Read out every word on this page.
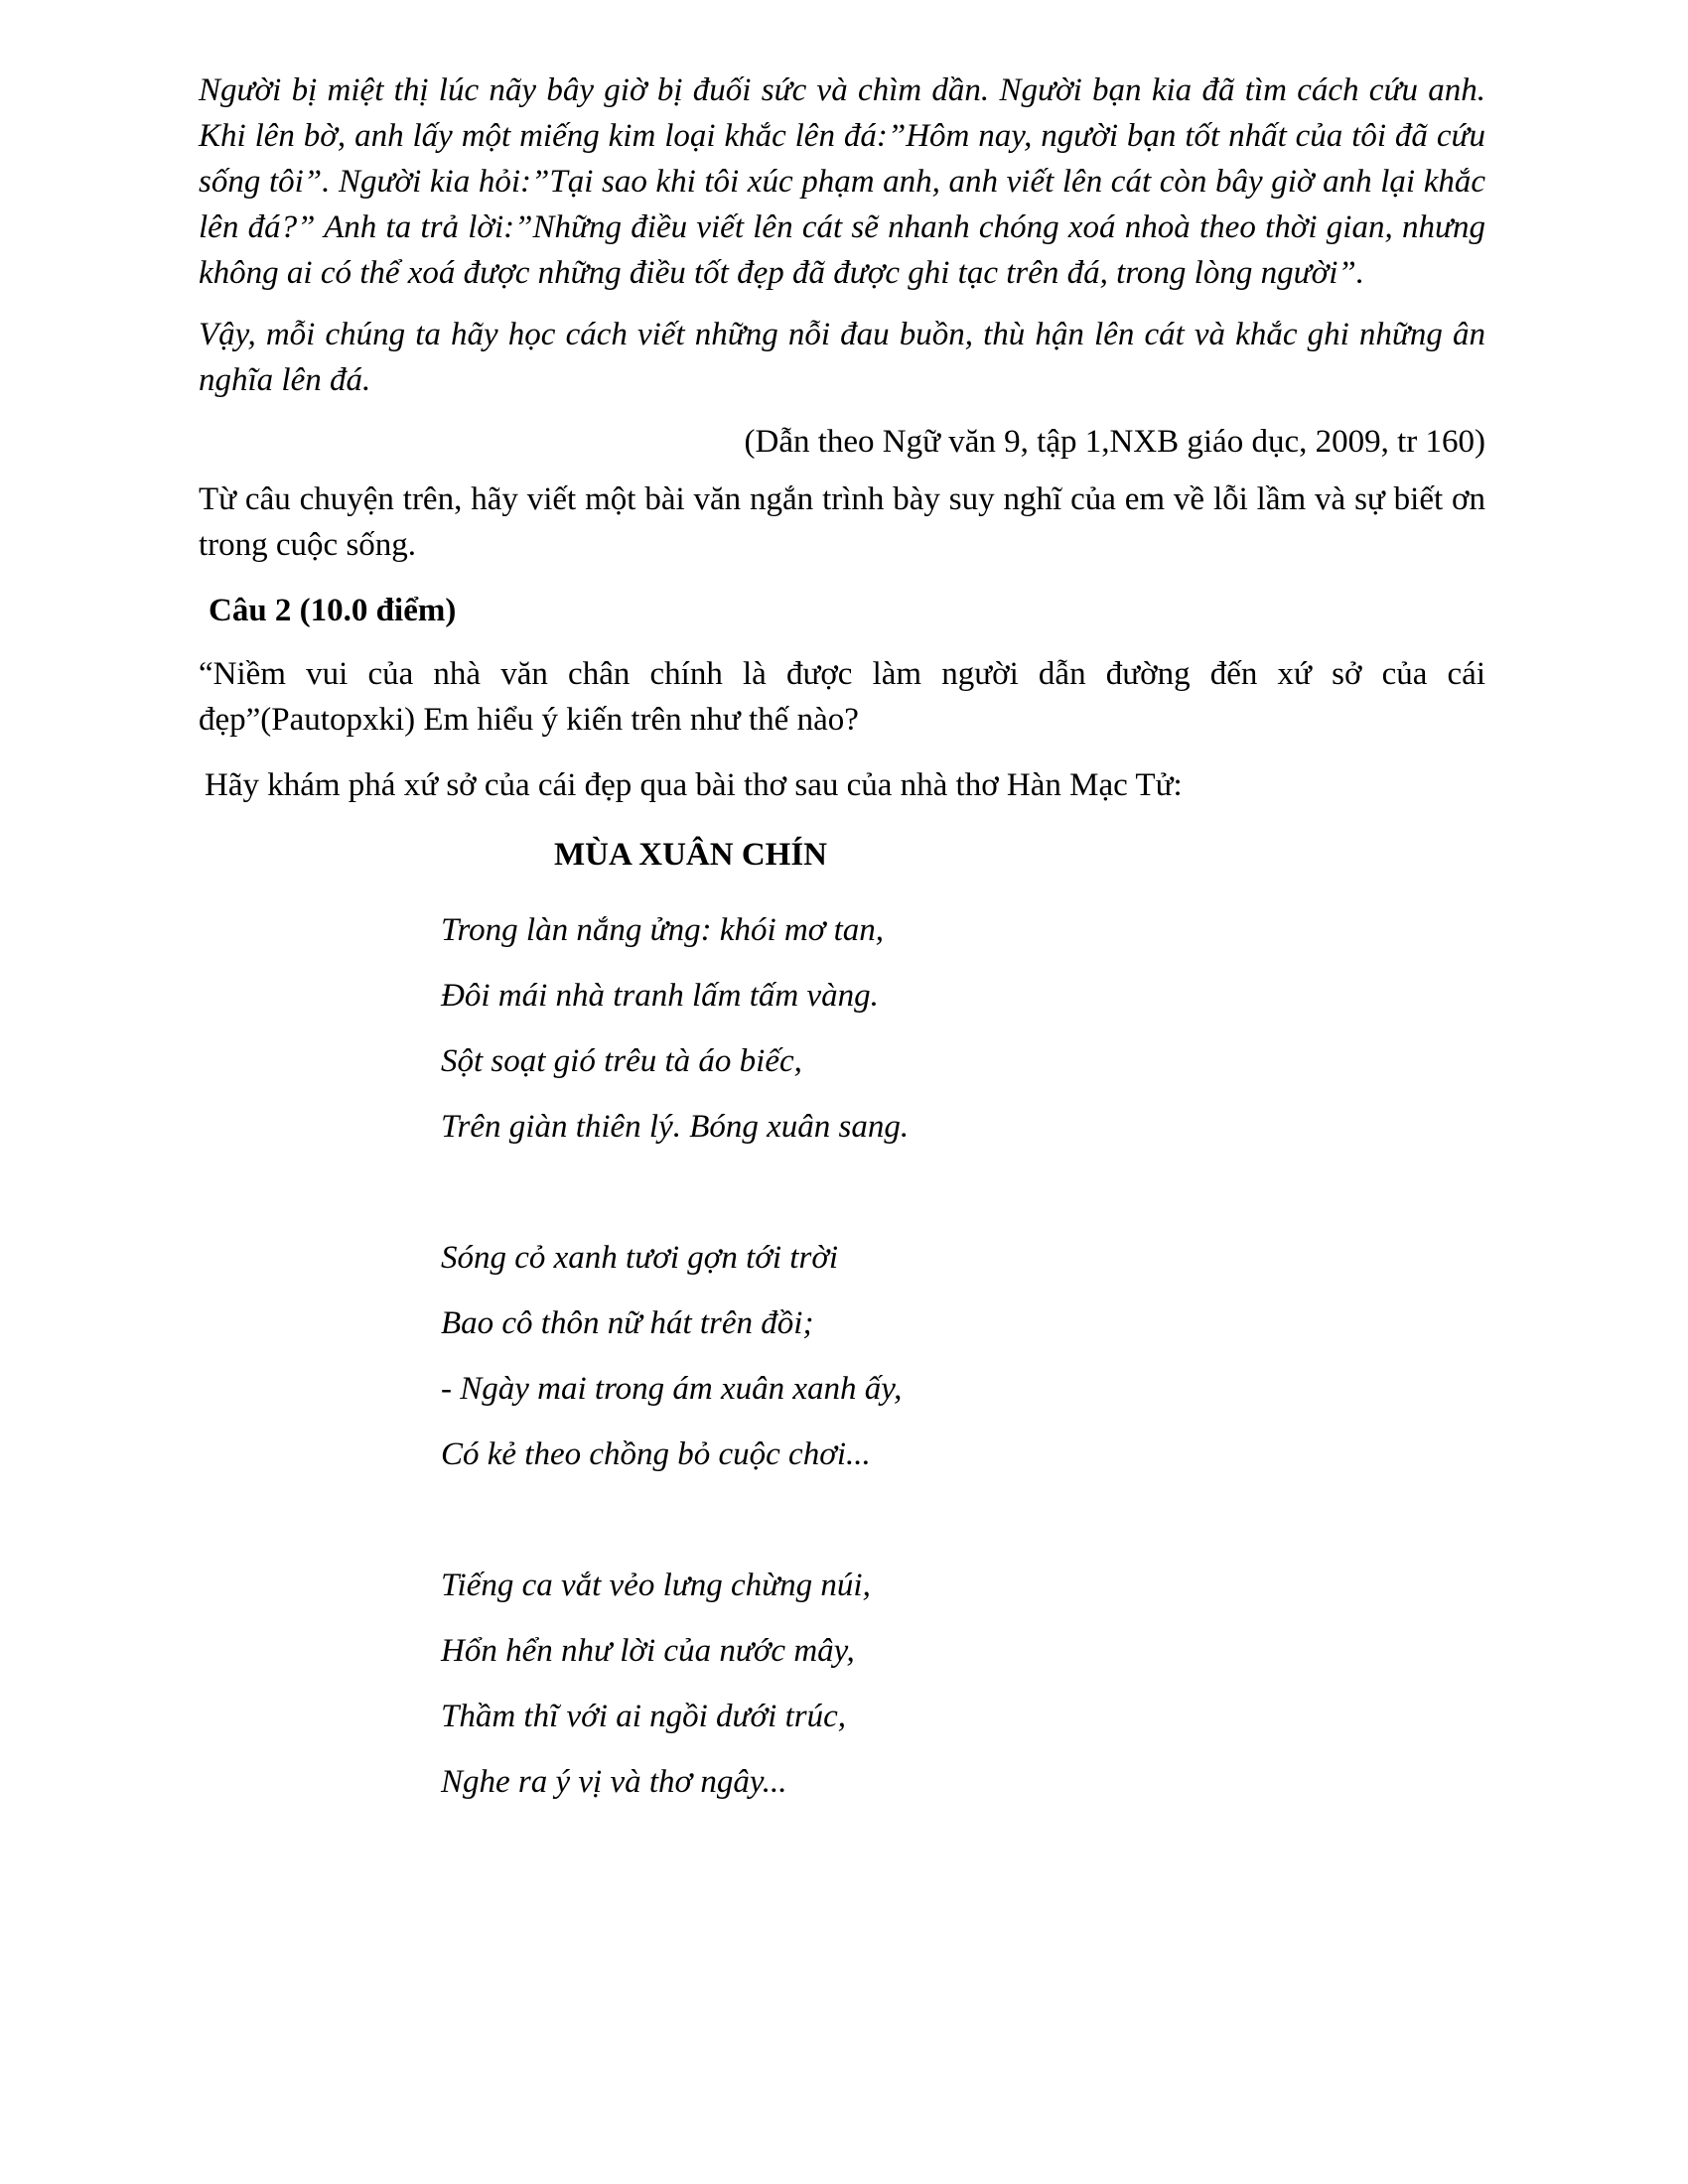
Người bị miệt thị lúc nãy bây giờ bị đuối sức và chìm dần. Người bạn kia đã tìm cách cứu anh. Khi lên bờ, anh lấy một miếng kim loại khắc lên đá:”Hôm nay, người bạn tốt nhất của tôi đã cứu sống tôi”. Người kia hỏi:”Tại sao khi tôi xúc phạm anh, anh viết lên cát còn bây giờ anh lại khắc lên đá?” Anh ta trả lời:”Những điều viết lên cát sẽ nhanh chóng xoá nhoà theo thời gian, nhưng không ai có thể xoá được những điều tốt đẹp đã được ghi tạc trên đá, trong lòng người”.

Vậy, mỗi chúng ta hãy học cách viết những nỗi đau buồn, thù hận lên cát và khắc ghi những ân nghĩa lên đá.

(Dẫn theo Ngữ văn 9, tập 1,NXB giáo dục, 2009, tr 160)

Từ câu chuyện trên, hãy viết một bài văn ngắn trình bày suy nghĩ của em về lỗi lầm và sự biết ơn trong cuộc sống.

Câu 2 (10.0 điểm)

“Niềm vui của nhà văn chân chính là được làm người dẫn đường đến xứ sở của cái đẹp”(Pautopxki) Em hiểu ý kiến trên như thế nào?

Hãy khám phá xứ sở của cái đẹp qua bài thơ sau của nhà thơ Hàn Mạc Tử:

MÙA XUÂN CHÍN

Trong làn nắng ửng: khói mơ tan,
Đôi mái nhà tranh lấm tấm vàng.
Sột soạt gió trêu tà áo biếc,
Trên giàn thiên lý. Bóng xuân sang.
Sóng cỏ xanh tươi gợn tới trời
Bao cô thôn nữ hát trên đồi;
- Ngày mai trong ám xuân xanh ấy,
Có kẻ theo chồng bỏ cuộc chơi...
Tiếng ca vắt vẻo lưng chừng núi,
Hổn hển như lời của nước mây,
Thầm thĩ với ai ngồi dưới trúc,
Nghe ra ý vị và thơ ngây...
